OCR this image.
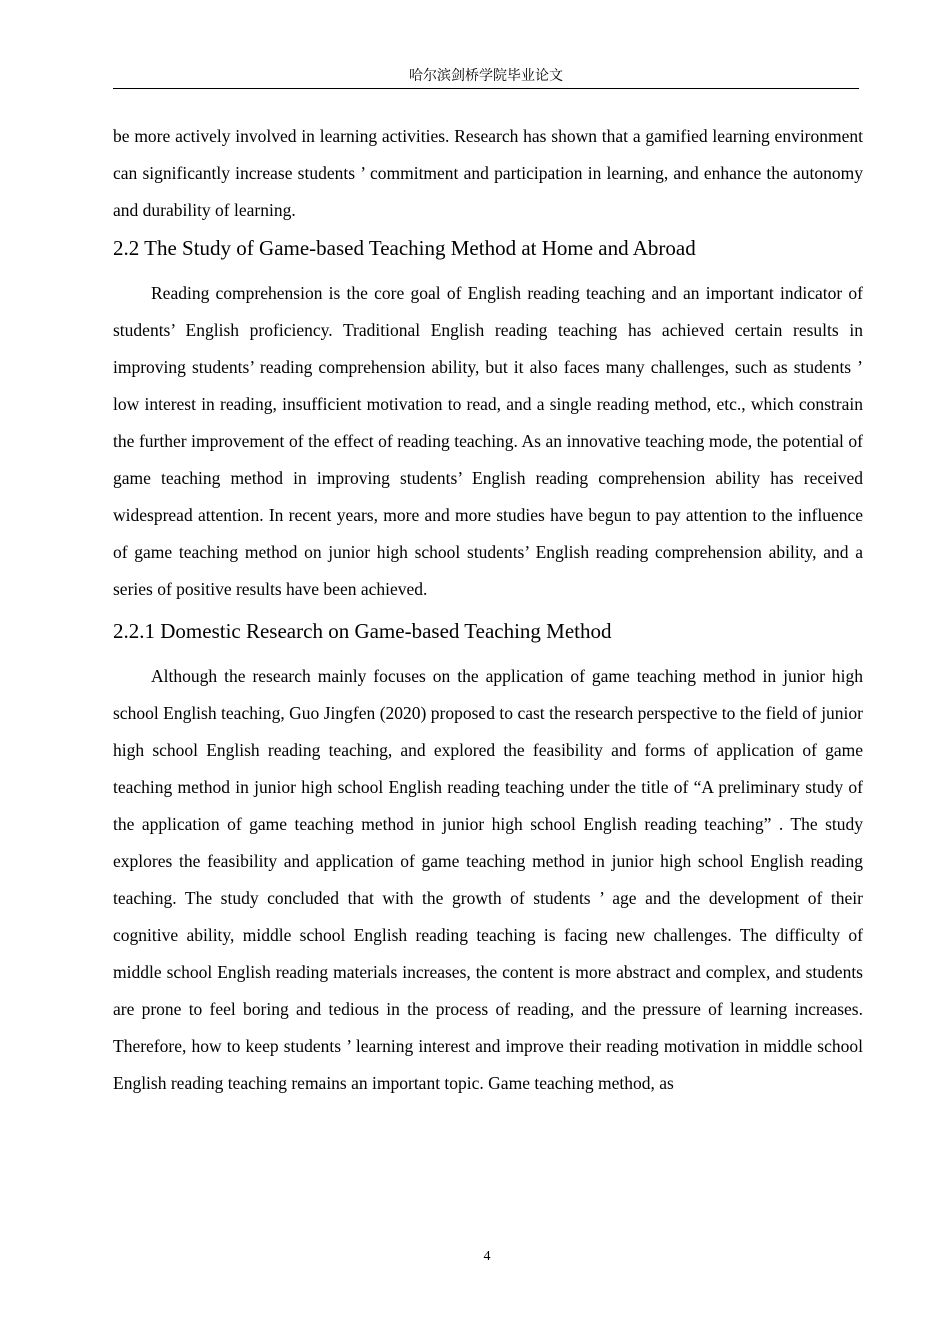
哈尔滨剑桥学院毕业论文

be more actively involved in learning activities. Research has shown that a gamified learning environment can significantly increase students ’ commitment and participation in learning, and enhance the autonomy and durability of learning.

2.2 The Study of Game-based Teaching Method at Home and Abroad

Reading comprehension is the core goal of English reading teaching and an important indicator of students’ English proficiency. Traditional English reading teaching has achieved certain results in improving students’ reading comprehension ability, but it also faces many challenges, such as students ’ low interest in reading, insufficient motivation to read, and a single reading method, etc., which constrain the further improvement of the effect of reading teaching. As an innovative teaching mode, the potential of game teaching method in improving students’ English reading comprehension ability has received widespread attention. In recent years, more and more studies have begun to pay attention to the influence of game teaching method on junior high school students’ English reading comprehension ability, and a series of positive results have been achieved.

2.2.1 Domestic Research on Game-based Teaching Method

Although the research mainly focuses on the application of game teaching method in junior high school English teaching, Guo Jingfen (2020) proposed to cast the research perspective to the field of junior high school English reading teaching, and explored the feasibility and forms of application of game teaching method in junior high school English reading teaching under the title of “A preliminary study of the application of game teaching method in junior high school English reading teaching” . The study explores the feasibility and application of game teaching method in junior high school English reading teaching. The study concluded that with the growth of students ’ age and the development of their cognitive ability, middle school English reading teaching is facing new challenges. The difficulty of middle school English reading materials increases, the content is more abstract and complex, and students are prone to feel boring and tedious in the process of reading, and the pressure of learning increases. Therefore, how to keep students ’ learning interest and improve their reading motivation in middle school English reading teaching remains an important topic. Game teaching method, as

4
